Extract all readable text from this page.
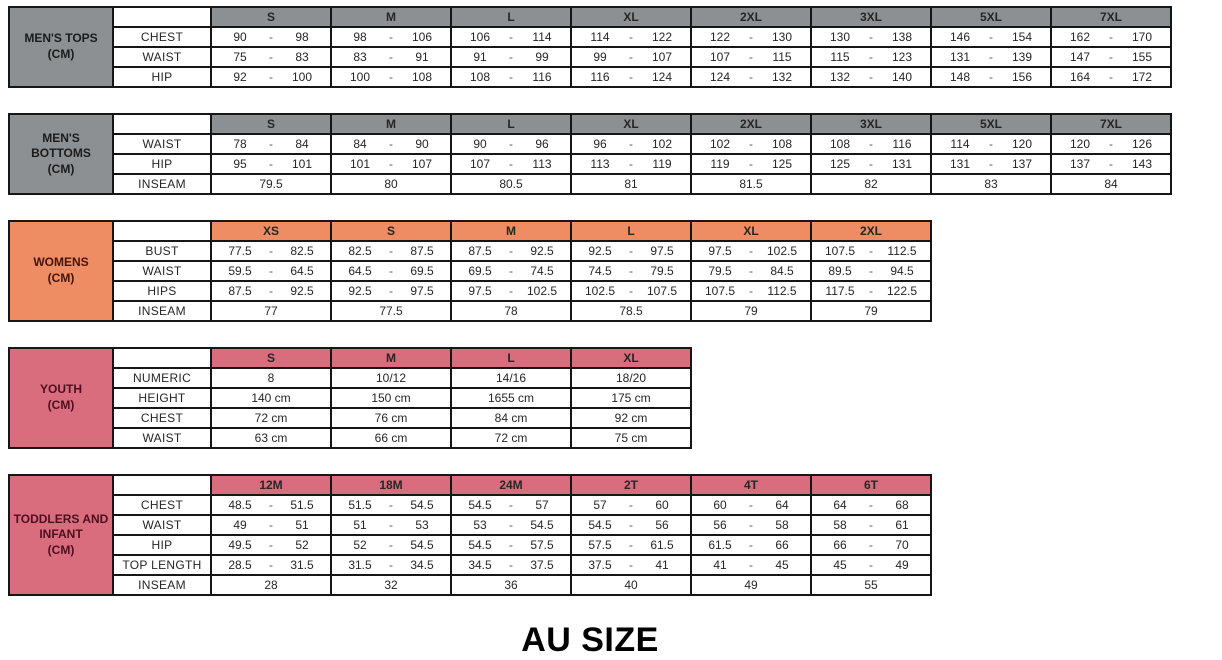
MEN'S TOPS
(CM)		S	M	L	XL	2XL	3XL	5XL	7XL
	CHEST	90 - 98	98 - 106	106 - 114	114 - 122	122 - 130	130 - 138	146 - 154	162 - 170

	WAIST	75 - 83	83 - 91	91 - 99	99 - 107	107 - 115	115 - 123	131 - 139	147 - 155

	HIP	92 - 100	100 - 108	108 - 116	116 - 124	124 - 132	132 - 140	148 - 156	164 - 172
MEN'S BOTTOMS
(CM)		S	M	L	XL	2XL	3XL	5XL	7XL
	WAIST	78 - 84	84 - 90	90 - 96	96 - 102	102 - 108	108 - 116	114 - 120	120 - 126

	HIP	95 - 101	101 - 107	107 - 113	113 - 119	119 - 125	125 - 131	131 - 137	137 - 143

	INSEAM	79.5	80	80.5	81	81.5	82	83	84
WOMENS
(CM)		XS	S	M	L	XL	2XL
	BUST	77.5 - 82.5	82.5 - 87.5	87.5 - 92.5	92.5 - 97.5	97.5 - 102.5	107.5 - 112.5

	WAIST	59.5 - 64.5	64.5 - 69.5	69.5 - 74.5	74.5 - 79.5	79.5 - 84.5	89.5 - 94.5

	HIPS	87.5 - 92.5	92.5 - 97.5	97.5 - 102.5	102.5 - 107.5	107.5 - 112.5	117.5 - 122.5

	INSEAM	77	77.5	78	78.5	79	79
YOUTH
(CM)		S	M	L	XL
	NUMERIC	8	10/12	14/16	18/20
	HEIGHT	140 cm	150 cm	1655 cm	175 cm
	CHEST	72 cm	76 cm	84 cm	92 cm
	WAIST	63 cm	66 cm	72 cm	75 cm
TODDLERS AND INFANT
(CM)		12M	18M	24M	2T	4T	6T
	CHEST	48.5 - 51.5	51.5 - 54.5	54.5 - 57	57 - 60	60 - 64	64 - 68

	WAIST	49 - 51	51 - 53	53 - 54.5	54.5 - 56	56 - 58	58 - 61

	HIP	49.5 - 52	52 - 54.5	54.5 - 57.5	57.5 - 61.5	61.5 - 66	66 - 70

	TOP LENGTH	28.5 - 31.5	31.5 - 34.5	34.5 - 37.5	37.5 - 41	41 - 45	45 - 49

	INSEAM	28	32	36	40	49	55
AU SIZE
